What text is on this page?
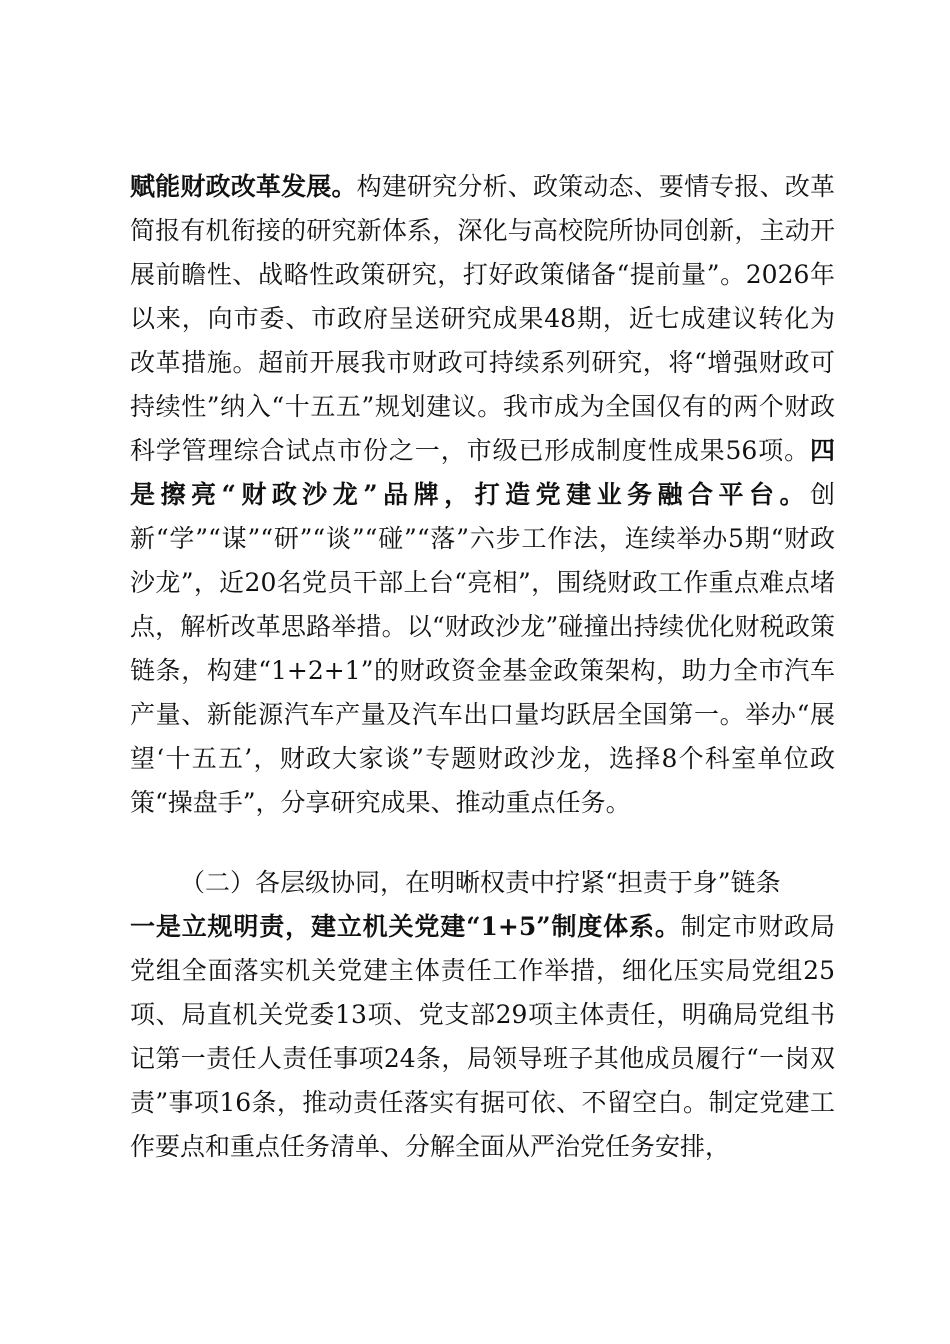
赋能财政改革发展。构建研究分析、政策动态、要情专报、改革简报有机衔接的研究新体系，深化与高校院所协同创新，主动开展前瞻性、战略性政策研究，打好政策储备“提前量”。2026年以来，向市委、市政府呈送研究成果48期，近七成建议转化为改革措施。超前开展我市财政可持续系列研究，将“增强财政可持续性”纳入“十五五”规划建议。我市成为全国仅有的两个财政科学管理综合试点市份之一，市级已形成制度性成果56项。四是擦亮“财政沙龙”品牌，打造党建业务融合平台。创新“学”“谋”“研”“谈”“碰”“落”六步工作法，连续举办5期“财政沙龙”，近20名党员干部上台“亮相”，围绕财政工作重点难点堵点，解析改革思路举措。以“财政沙龙”碰撞出持续优化财税政策链条，构建“1+2+1”的财政资金基金政策架构，助力全市汽车产量、新能源汽车产量及汽车出口量均跃居全国第一。举办“展望‘十五五’，财政大家谈”专题财政沙龙，选择8个科室单位政策“操盘手”，分享研究成果、推动重点任务。

（二）各层级协同，在明晰权责中拧紧“担责于身”链条

一是立规明责，建立机关党建“1+5”制度体系。制定市财政局党组全面落实机关党建主体责任工作举措，细化压实局党组25项、局直机关党委13项、党支部29项主体责任，明确局党组书记第一责任人责任事项24条，局领导班子其他成员履行“一岗双责”事项16条，推动责任落实有据可依、不留空白。制定党建工作要点和重点任务清单、分解全面从严治党任务安排，
